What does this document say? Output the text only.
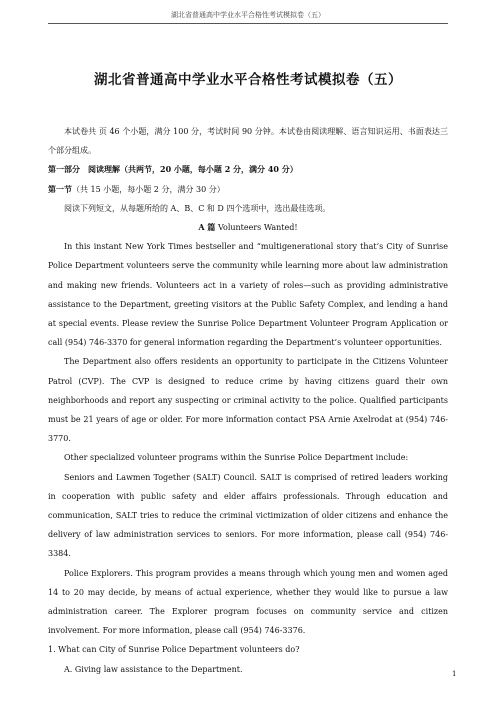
湖北省普通高中学业水平合格性考试模拟卷（五）
湖北省普通高中学业水平合格性考试模拟卷（五）

本试卷共 页 46 个小题，满分 100 分，考试时间 90 分钟。本试卷由阅读理解、语言知识运用、书面表达三个部分组成。

第一部分　阅读理解（共两节，20 小题，每小题 2 分，满分 40 分）

第一节（共 15 小题，每小题 2 分，满分 30 分）

阅读下列短文，从每题所给的 A、B、C 和 D 四个选项中，选出最佳选项。

A 篇 Volunteers Wanted!

In this instant New York Times bestseller and “multigenerational story that’s City of Sunrise Police Department volunteers serve the community while learning more about law administration and making new friends. Volunteers act in a variety of roles—such as providing administrative assistance to the Department, greeting visitors at the Public Safety Complex, and lending a hand at special events. Please review the Sunrise Police Department Volunteer Program Application or call (954) 746-3370 for general information regarding the Department’s volunteer opportunities.

The Department also offers residents an opportunity to participate in the Citizens Volunteer Patrol (CVP). The CVP is designed to reduce crime by having citizens guard their own neighborhoods and report any suspecting or criminal activity to the police. Qualified participants must be 21 years of age or older. For more information contact PSA Arnie Axelrodat at (954) 746-3770.

Other specialized volunteer programs within the Sunrise Police Department include:

Seniors and Lawmen Together (SALT) Council. SALT is comprised of retired leaders working in cooperation with public safety and elder affairs professionals. Through education and communication, SALT tries to reduce the criminal victimization of older citizens and enhance the delivery of law administration services to seniors. For more information, please call (954) 746-3384.

Police Explorers. This program provides a means through which young men and women aged 14 to 20 may decide, by means of actual experience, whether they would like to pursue a law administration career. The Explorer program focuses on community service and citizen involvement. For more information, please call (954) 746-3376.

1. What can City of Sunrise Police Department volunteers do?

A. Giving law assistance to the Department.

1
